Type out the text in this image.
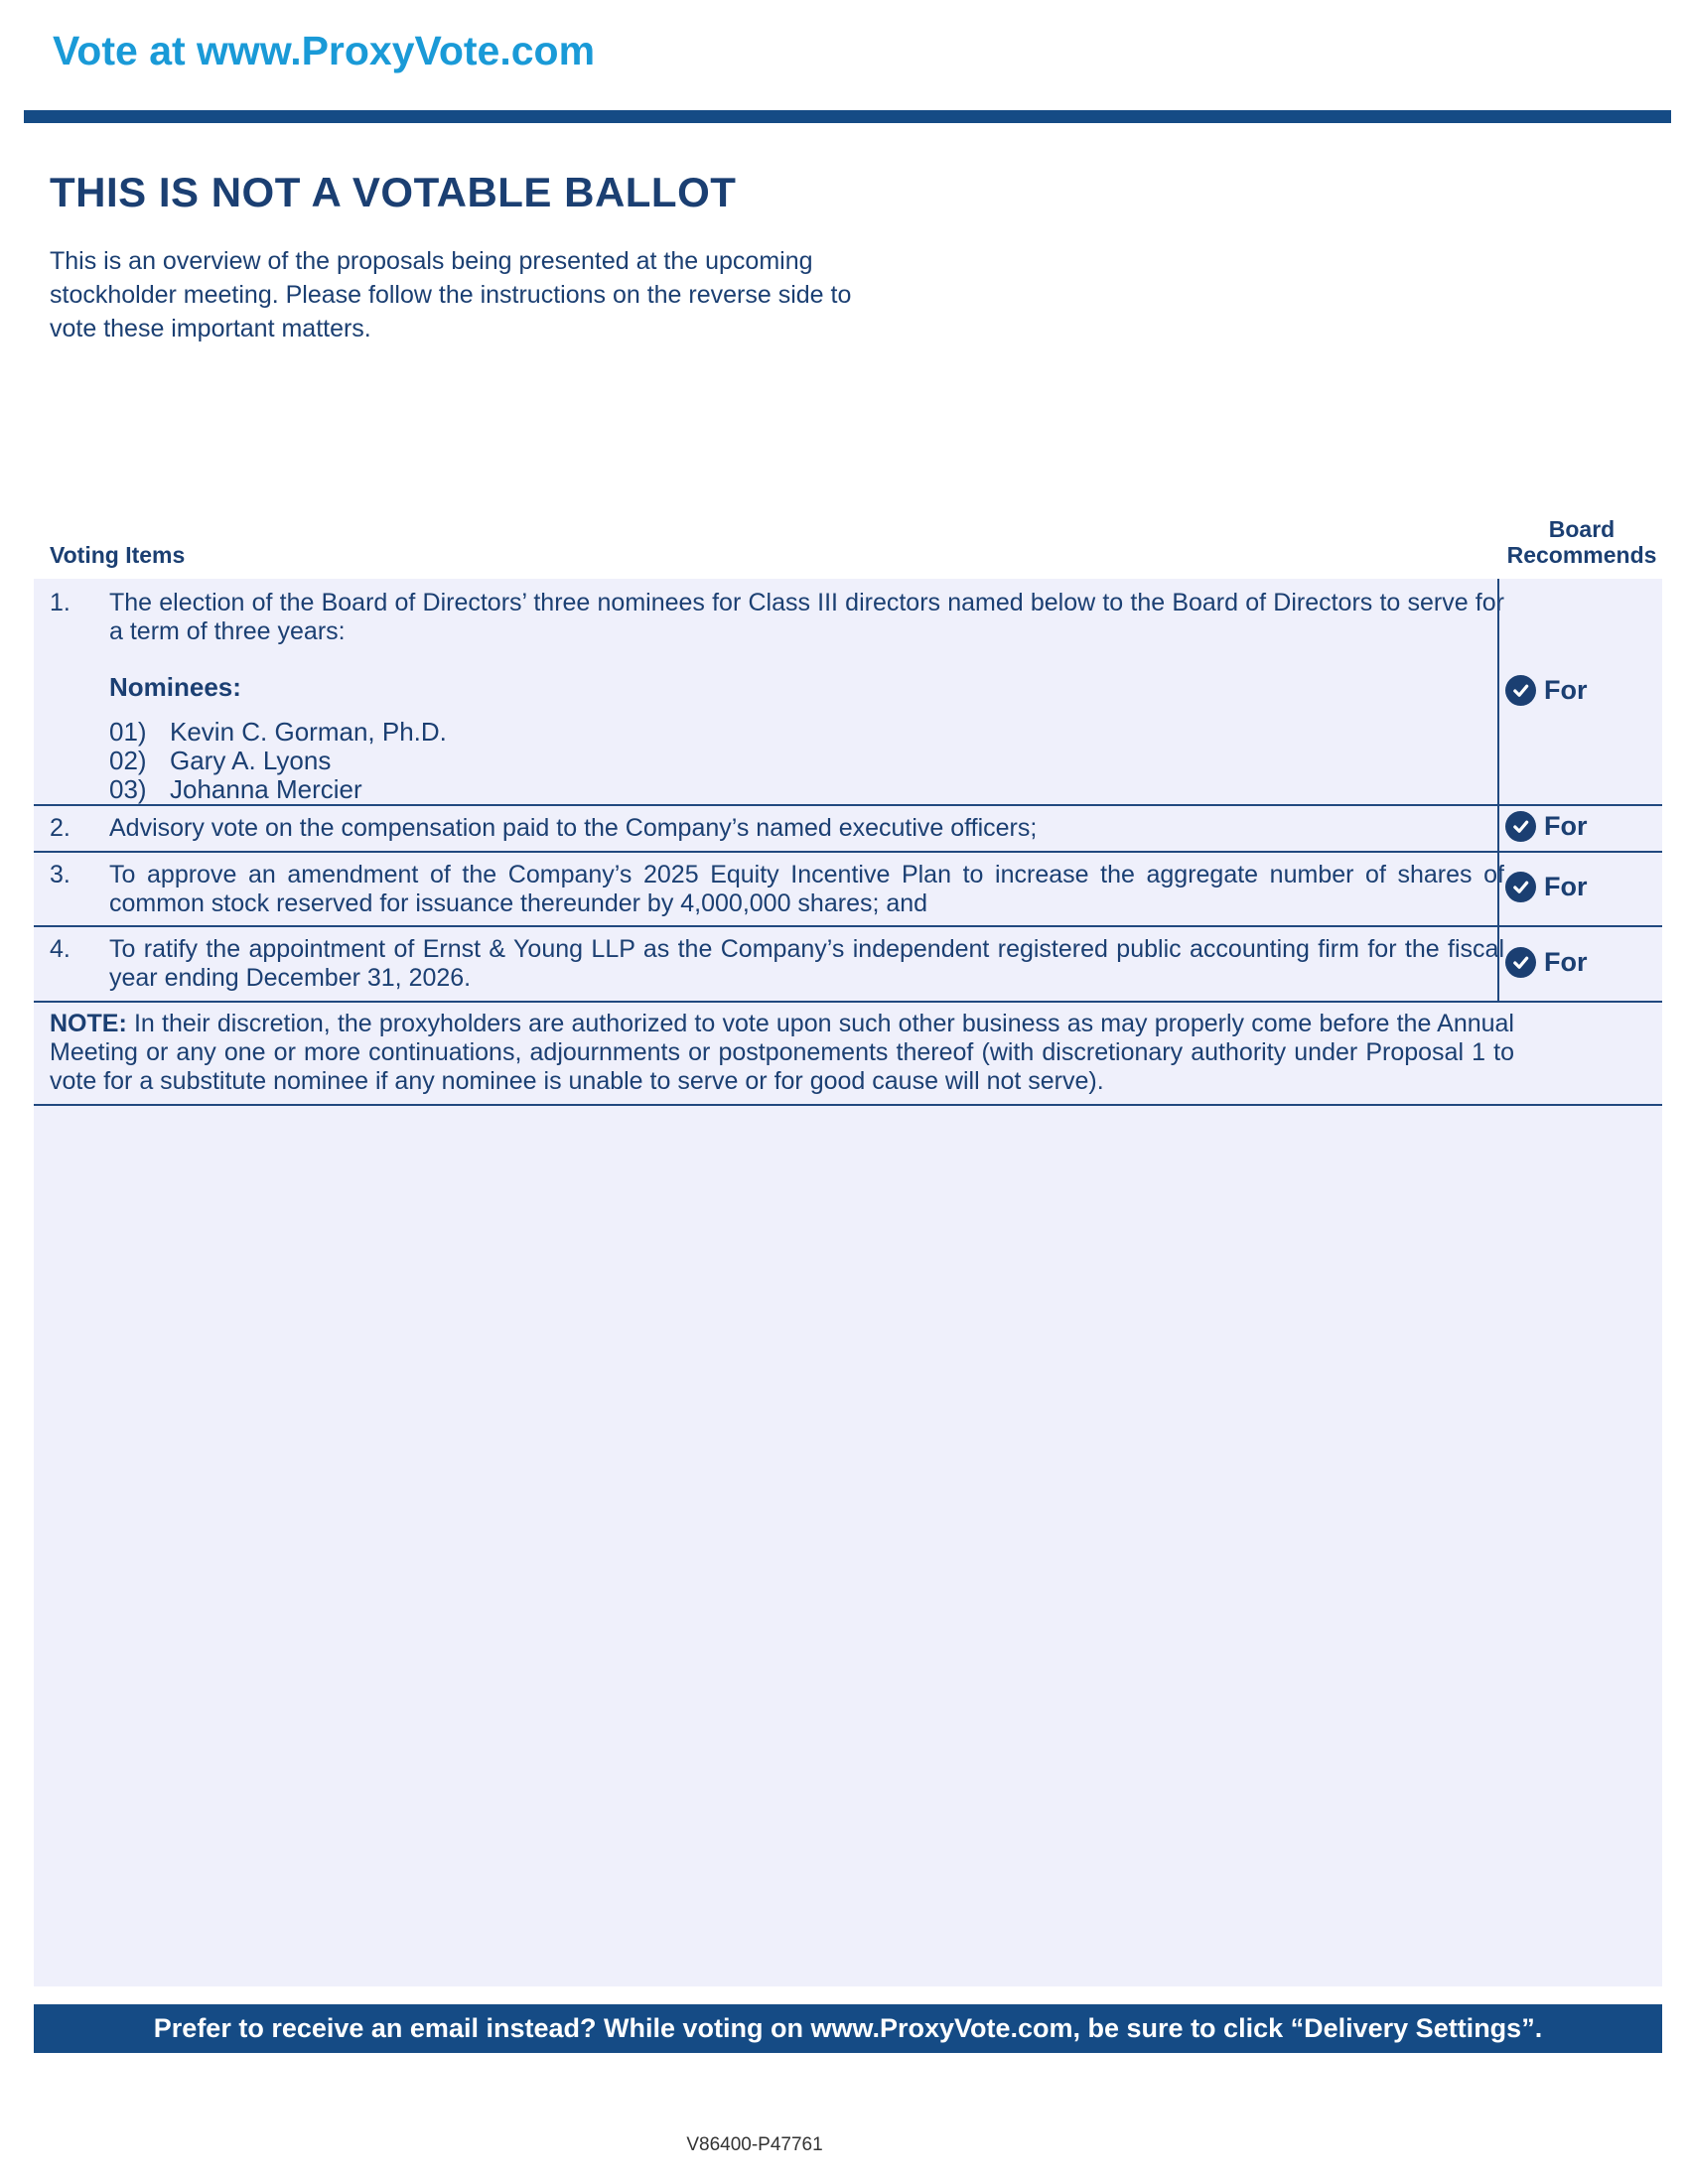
Vote at www.ProxyVote.com
THIS IS NOT A VOTABLE BALLOT
This is an overview of the proposals being presented at the upcoming stockholder meeting. Please follow the instructions on the reverse side to vote these important matters.
Voting Items
Board
Recommends
1. The election of the Board of Directors’ three nominees for Class III directors named below to the Board of Directors to serve for a term of three years:
Nominees:
01) Kevin C. Gorman, Ph.D.
02) Gary A. Lyons
03) Johanna Mercier
For
2. Advisory vote on the compensation paid to the Company’s named executive officers;	For
3. To approve an amendment of the Company’s 2025 Equity Incentive Plan to increase the aggregate number of shares of common stock reserved for issuance thereunder by 4,000,000 shares; and
For
4. To ratify the appointment of Ernst & Young LLP as the Company’s independent registered public accounting firm for the fiscal year ending December 31, 2026.
For
NOTE: In their discretion, the proxyholders are authorized to vote upon such other business as may properly come before the Annual Meeting or any one or more continuations, adjournments or postponements thereof (with discretionary authority under Proposal 1 to vote for a substitute nominee if any nominee is unable to serve or for good cause will not serve).
Prefer to receive an email instead? While voting on www.ProxyVote.com, be sure to click “Delivery Settings”.
V86400-P47761
